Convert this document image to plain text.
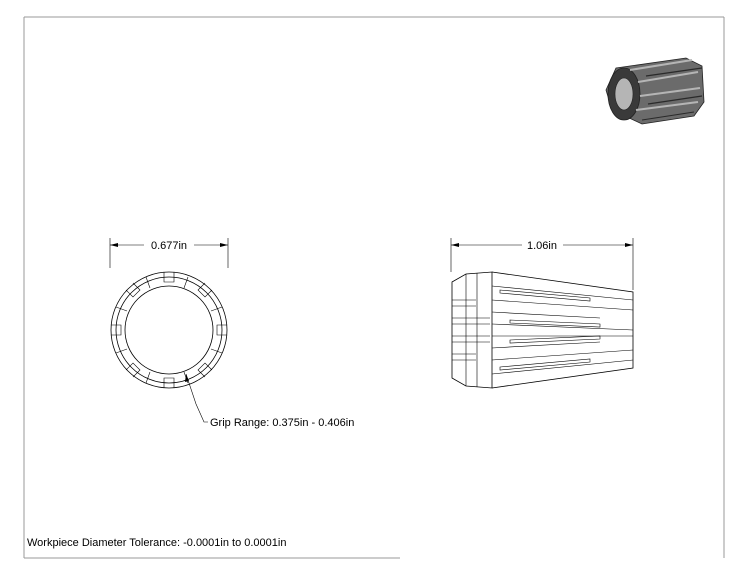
0.677in	1.06in
Grip Range: 0.375in - 0.406in
Workpiece Diameter Tolerance: -0.0001in to 0.0001in
